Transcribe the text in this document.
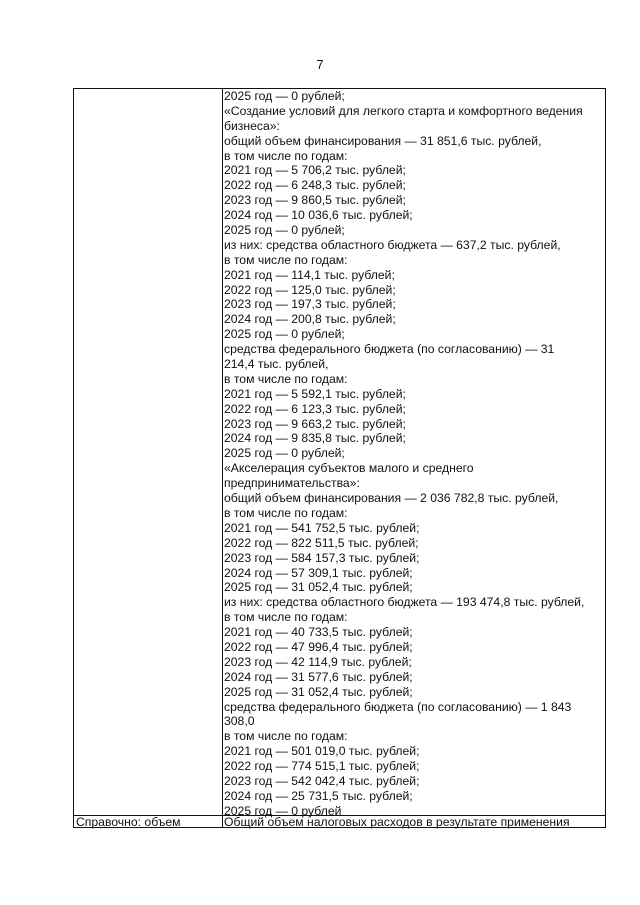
7
2025 год — 0 рублей;
«Создание условий для легкого старта и комфортного ведения
бизнеса»:
общий объем финансирования — 31 851,6 тыс. рублей,
в том числе по годам:
2021 год — 5 706,2 тыс. рублей;
2022 год — 6 248,3 тыс. рублей;
2023 год — 9 860,5 тыс. рублей;
2024 год — 10 036,6 тыс. рублей;
2025 год — 0 рублей;
из них: средства областного бюджета — 637,2 тыс. рублей,
в том числе по годам:
2021 год — 114,1 тыс. рублей;
2022 год — 125,0 тыс. рублей;
2023 год — 197,3 тыс. рублей;
2024 год — 200,8 тыс. рублей;
2025 год — 0 рублей;
средства федерального бюджета (по согласованию) — 31
214,4 тыс. рублей,
в том числе по годам:
2021 год — 5 592,1 тыс. рублей;
2022 год — 6 123,3 тыс. рублей;
2023 год — 9 663,2 тыс. рублей;
2024 год — 9 835,8 тыс. рублей;
2025 год — 0 рублей;
«Акселерация субъектов малого и среднего
предпринимательства»:
общий объем финансирования — 2 036 782,8 тыс. рублей,
в том числе по годам:
2021 год — 541 752,5 тыс. рублей;
2022 год — 822 511,5 тыс. рублей;
2023 год — 584 157,3 тыс. рублей;
2024 год — 57 309,1 тыс. рублей;
2025 год — 31 052,4 тыс. рублей;
из них: средства областного бюджета — 193 474,8 тыс. рублей,
в том числе по годам:
2021 год — 40 733,5 тыс. рублей;
2022 год — 47 996,4 тыс. рублей;
2023 год — 42 114,9 тыс. рублей;
2024 год — 31 577,6 тыс. рублей;
2025 год — 31 052,4 тыс. рублей;
средства федерального бюджета (по согласованию) — 1 843
308,0
в том числе по годам:
2021 год — 501 019,0 тыс. рублей;
2022 год — 774 515,1 тыс. рублей;
2023 год — 542 042,4 тыс. рублей;
2024 год — 25 731,5 тыс. рублей;
2025 год — 0 рублей
Справочно: объем	Общий объем налоговых расходов в результате применения
